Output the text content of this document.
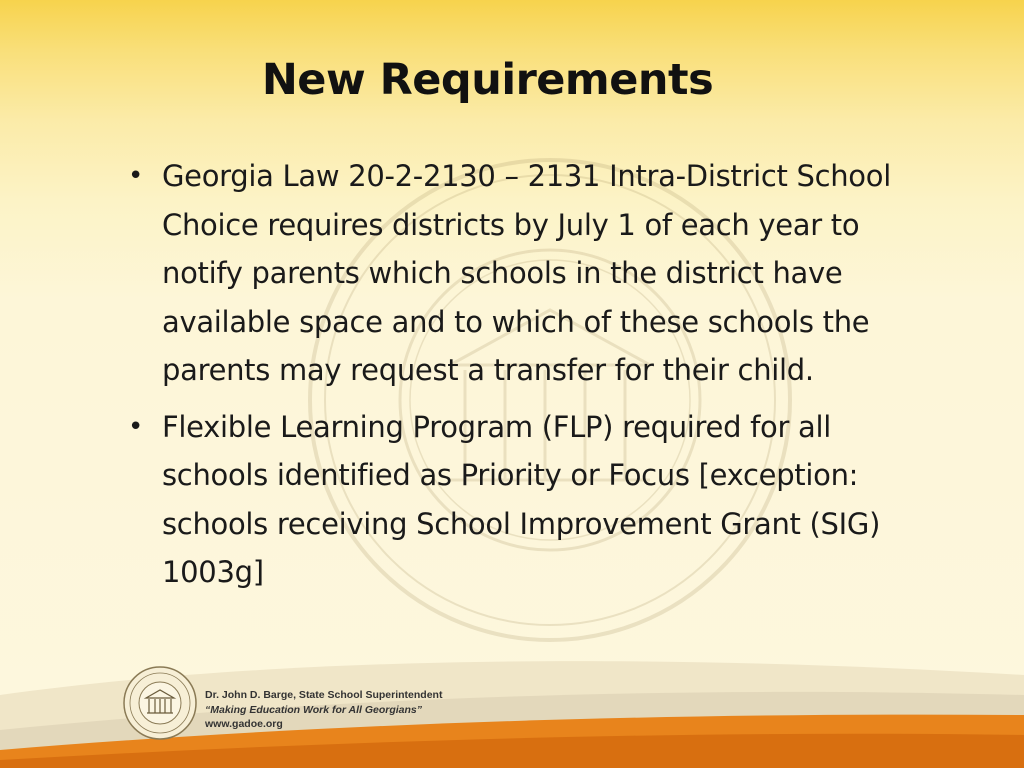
New Requirements
• Georgia Law 20-2-2130 – 2131 Intra-District School Choice requires districts by July 1 of each year to notify parents which schools in the district have available space and to which of these schools the parents may request a transfer for their child.
• Flexible Learning Program (FLP) required for all schools identified as Priority or Focus [exception: schools receiving School Improvement Grant (SIG) 1003g]
Dr. John D. Barge, State School Superintendent
“Making Education Work for All Georgians”
www.gadoe.org
